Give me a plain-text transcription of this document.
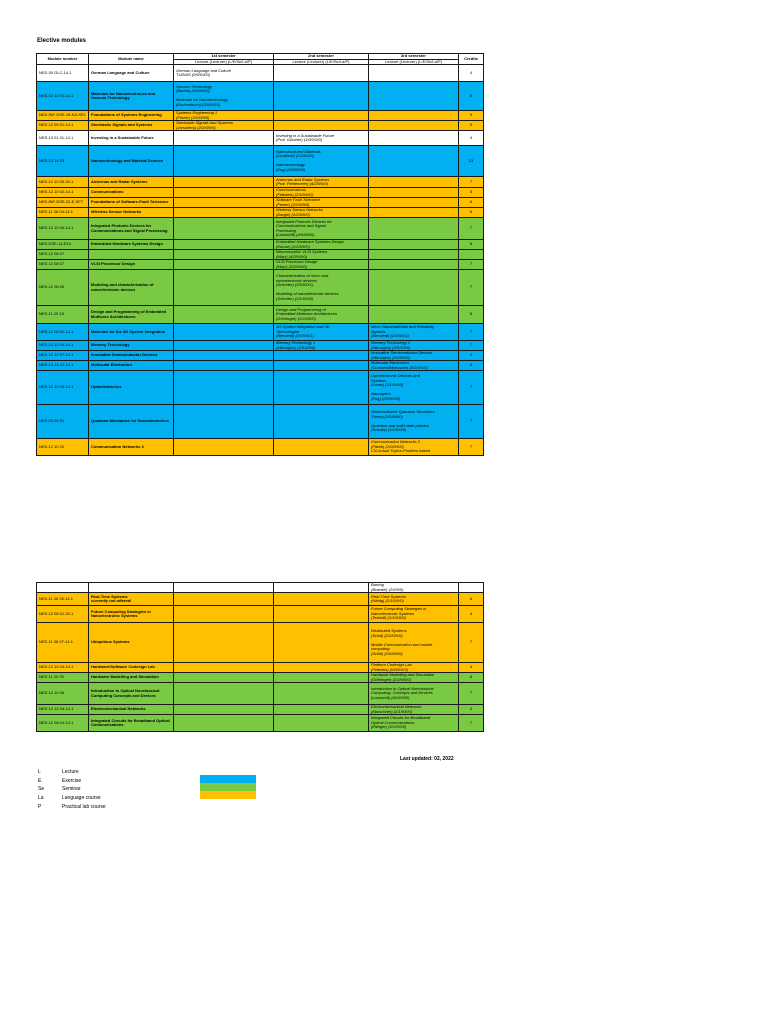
Elective modules
Module number	Module name	1st semester	2nd semester	3rd semester	Credits
		Lecture (Lecturer) (L/E/Se/La/P)	Lecture (Lecturer) (L/E/Se/La/P)	Lecture (Lecturer) (L/E/Se/La/P)	
NES-30 GLC-14.1	German Language and Culture	German Language and Culture
TUDIAS (0/0/0/4/0)			4
NES-12 12 01-14.1	Materials for Nanoelectronics and Vacuum Technology	Vacuum Technology
(Bartha) (2/0/0/0/0)

Materials for Nanotechnology
(Kuchenbuch) (2/0/0/0/1)			6
NES-INF-DSE-28-KA-SE1	Foundations of Systems Engineering	Systems Engineering 1
(Fetzer) (2/2/0/0/0)			5
NES-12 09 01-14.1	Stochastic Signals and Systems	Stochastic Signals and Systems
(Jorswieck) (2/2/0/0/0)			5
NES-10 01 01-14.1	Investing in a Sustainable Future		Investing in a Sustainable Future
(Prof. Günther) (1/0/2/0/0)		4
NES-13 14 03	Nanotechnology and Material Science		Nanostructured Materials
(Cuniberti) (2/2/0/0/0)

Nanotechnology
(Eng) (2/0/0/0/0)		13
NES-12 10 05-20.1	Antennas and Radar Systems		Antennas and Radar Systems
(Prof. Plettemeier) (4/2/0/0/0)		7
NES-12 10 02-14.1	Communications		Communications
(Fettweis) (2/1/0/0/0)		5
NES-INF-DSE-22-E-SFT	Foundations of Software-Fault Tolerance		Software Fault Tolerance
(Fetzer) (2/2/0/0/0)		6
NES-11 06 04-14.1	Wireless Sensor Networks		Wireless Sensor Networks
(Dargie) (2/2/0/0/0)		6
NES-12 10 06-14.1	Integrated Photonic Devices for Communications and Signal Processing		Integrated Photonic Devices for
Communications and Signal
Processing
(Lamshöft) (4/0/0/0/0)		7
NES-DSE-14-E14	Embedded Hardware Systems Design		Embedded Hardware Systems Design
(Kumar) (2/2/0/0/0)		6
NES-12 08 07			Neuromorphic VLSI Systems
(Mayr) (4/2/0/0/0)		
NES-12 08 07	VLSI Processor Design		VLSI Processor Design
(Mayr) (2/2/0/0/0)		7
NES-12 08 26	Modeling and characterization of nanoelectronic devices		Characterization of micro and
nanoelectronic devices
(Schröter) (2/0/0/0/1)

Modeling of nanoelectronic devices
(Schröter) (2/1/0/0/0)		7
NES-11 20 18	Design and Programming of Embedded Multicore Architectures		Design and Programming of
Embedded Multicore Architectures
(Göhringer) (2/2/0/0/0)		6
NES-12 08 01-14.1	Materials for the 3D System Integration		3D System Integration and 3D
Technologies
(Bierstedt) (2/0/0/0/1)	Micro-Nanomaterials and Reliability
Aspects
(Bierstedt) (2/0/0/0/1)	7
NES-12 12 03-14.1	Memory Technology		Memory Technology 1
(Mikolajick) (2/0/1/0/0)	Memory Technology 2
(Mikolajick) (2/0/1/0/0)	7
NES-12 12 07-14.1	Innovative Semiconductor Devices			Innovative Semiconductor Devices
(Mikolajick) (2/1/0/0/0)	4
NES-13 14 02-14.1	Molecular Electronics			Molecular Electronics
(Cuniberti/Moessner) (2/2/0/0/0)	6
NES-12 12 05-14.1	Optoelectronics			Optoelectronic Devices and
Systems
(Lauer) (2/1/0/0/0)

Nanooptics
(Eng) (2/0/0/0/0)	7
NES-02 04 01	Quantum Mechanics for Nanoelectronics			Semiconductor Quantum Structures
Theory (2/1/0/0/0)

Quantum and solid state physics
(Schultz) (2/1/0/0/0)	7
NES-12 10 20	Communication Networks 3			Communication Networks 3
(Fitzek) (2/0/0/0/0)
CN-Actual Topics-Problem based	7
				Barring
(Braedel) (2/0/0/0)	
NES-11 06 05-14.1	Real-Time Systems
currently not offered!			Real-Time Systems
(Härtig) (2/1/0/0/0)	6
NES-12 08 01-20.1	Future Computing Strategies in Nanoelectronic Systems			Future Computing Strategies in
Nanoelectronic Systems
(Tetzlaff) (2/1/0/0/0)	4
NES-11 06 07-14.1	Ubiquitous Systems			Distributed Systems
(Schill) (2/2/0/0/0)

Mobile Communication and mobile
computing
(Schill) (2/0/0/0/0)	7
NES-12 10 04-14.1	Hardware/Software Codesign Lab			Platform Codesign Lab
(Fettweis) (0/0/0/0/3)	4
NES-11 20 20	Hardware Modelling and Simulation			Hardware Modelling and Simulation
(Göhringer) (2/2/0/0/0)	6
NES-12 10 06	Introduction to Optical Nonclassical Computing Concepts and Devices			Introduction to Optical Nonclassical
Computing: Concepts and Devices
(Lamshöft) (4/2/0/0/0)	7
NES-12 12 04-14.1	Electromechanical Networks			Electromechanical Networks
(Marschner) (2/1/0/0/0)	4
NES-12 08 04-14.1	Integrated Circuits for Broadband Optical Communications			Integrated Circuits for Broadband
Optical Communications
(Ellinger) (2/1/0/0/0)	7
Last updated: 02, 2022
L	Lecture
E	Exercise
Se	Seminar
La	Language course
P	Practical lab course
